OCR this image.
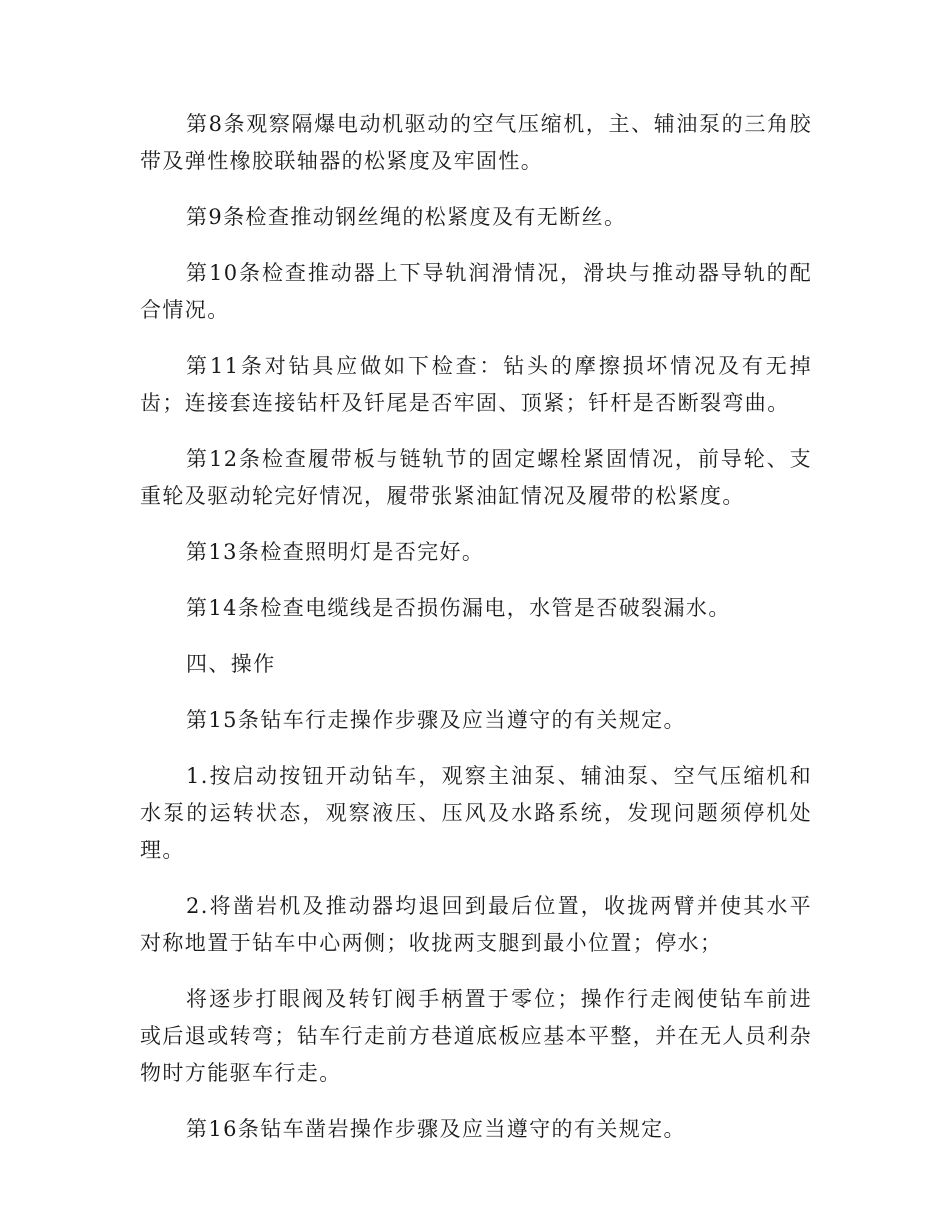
第8条观察隔爆电动机驱动的空气压缩机，主、辅油泵的三角胶带及弹性橡胶联轴器的松紧度及牢固性。

第9条检查推动钢丝绳的松紧度及有无断丝。

第10条检查推动器上下导轨润滑情况，滑块与推动器导轨的配合情况。

第11条对钻具应做如下检查：钻头的摩擦损坏情况及有无掉齿；连接套连接钻杆及钎尾是否牢固、顶紧；钎杆是否断裂弯曲。

第12条检查履带板与链轨节的固定螺栓紧固情况，前导轮、支重轮及驱动轮完好情况，履带张紧油缸情况及履带的松紧度。

第13条检查照明灯是否完好。

第14条检查电缆线是否损伤漏电，水管是否破裂漏水。

四、操作

第15条钻车行走操作步骤及应当遵守的有关规定。

1.按启动按钮开动钻车，观察主油泵、辅油泵、空气压缩机和水泵的运转状态，观察液压、压风及水路系统，发现问题须停机处理。

2.将凿岩机及推动器均退回到最后位置，收拢两臂并使其水平对称地置于钻车中心两侧；收拢两支腿到最小位置；停水；

将逐步打眼阀及转钉阀手柄置于零位；操作行走阀使钻车前进或后退或转弯；钻车行走前方巷道底板应基本平整，并在无人员利杂物时方能驱车行走。

第16条钻车凿岩操作步骤及应当遵守的有关规定。
